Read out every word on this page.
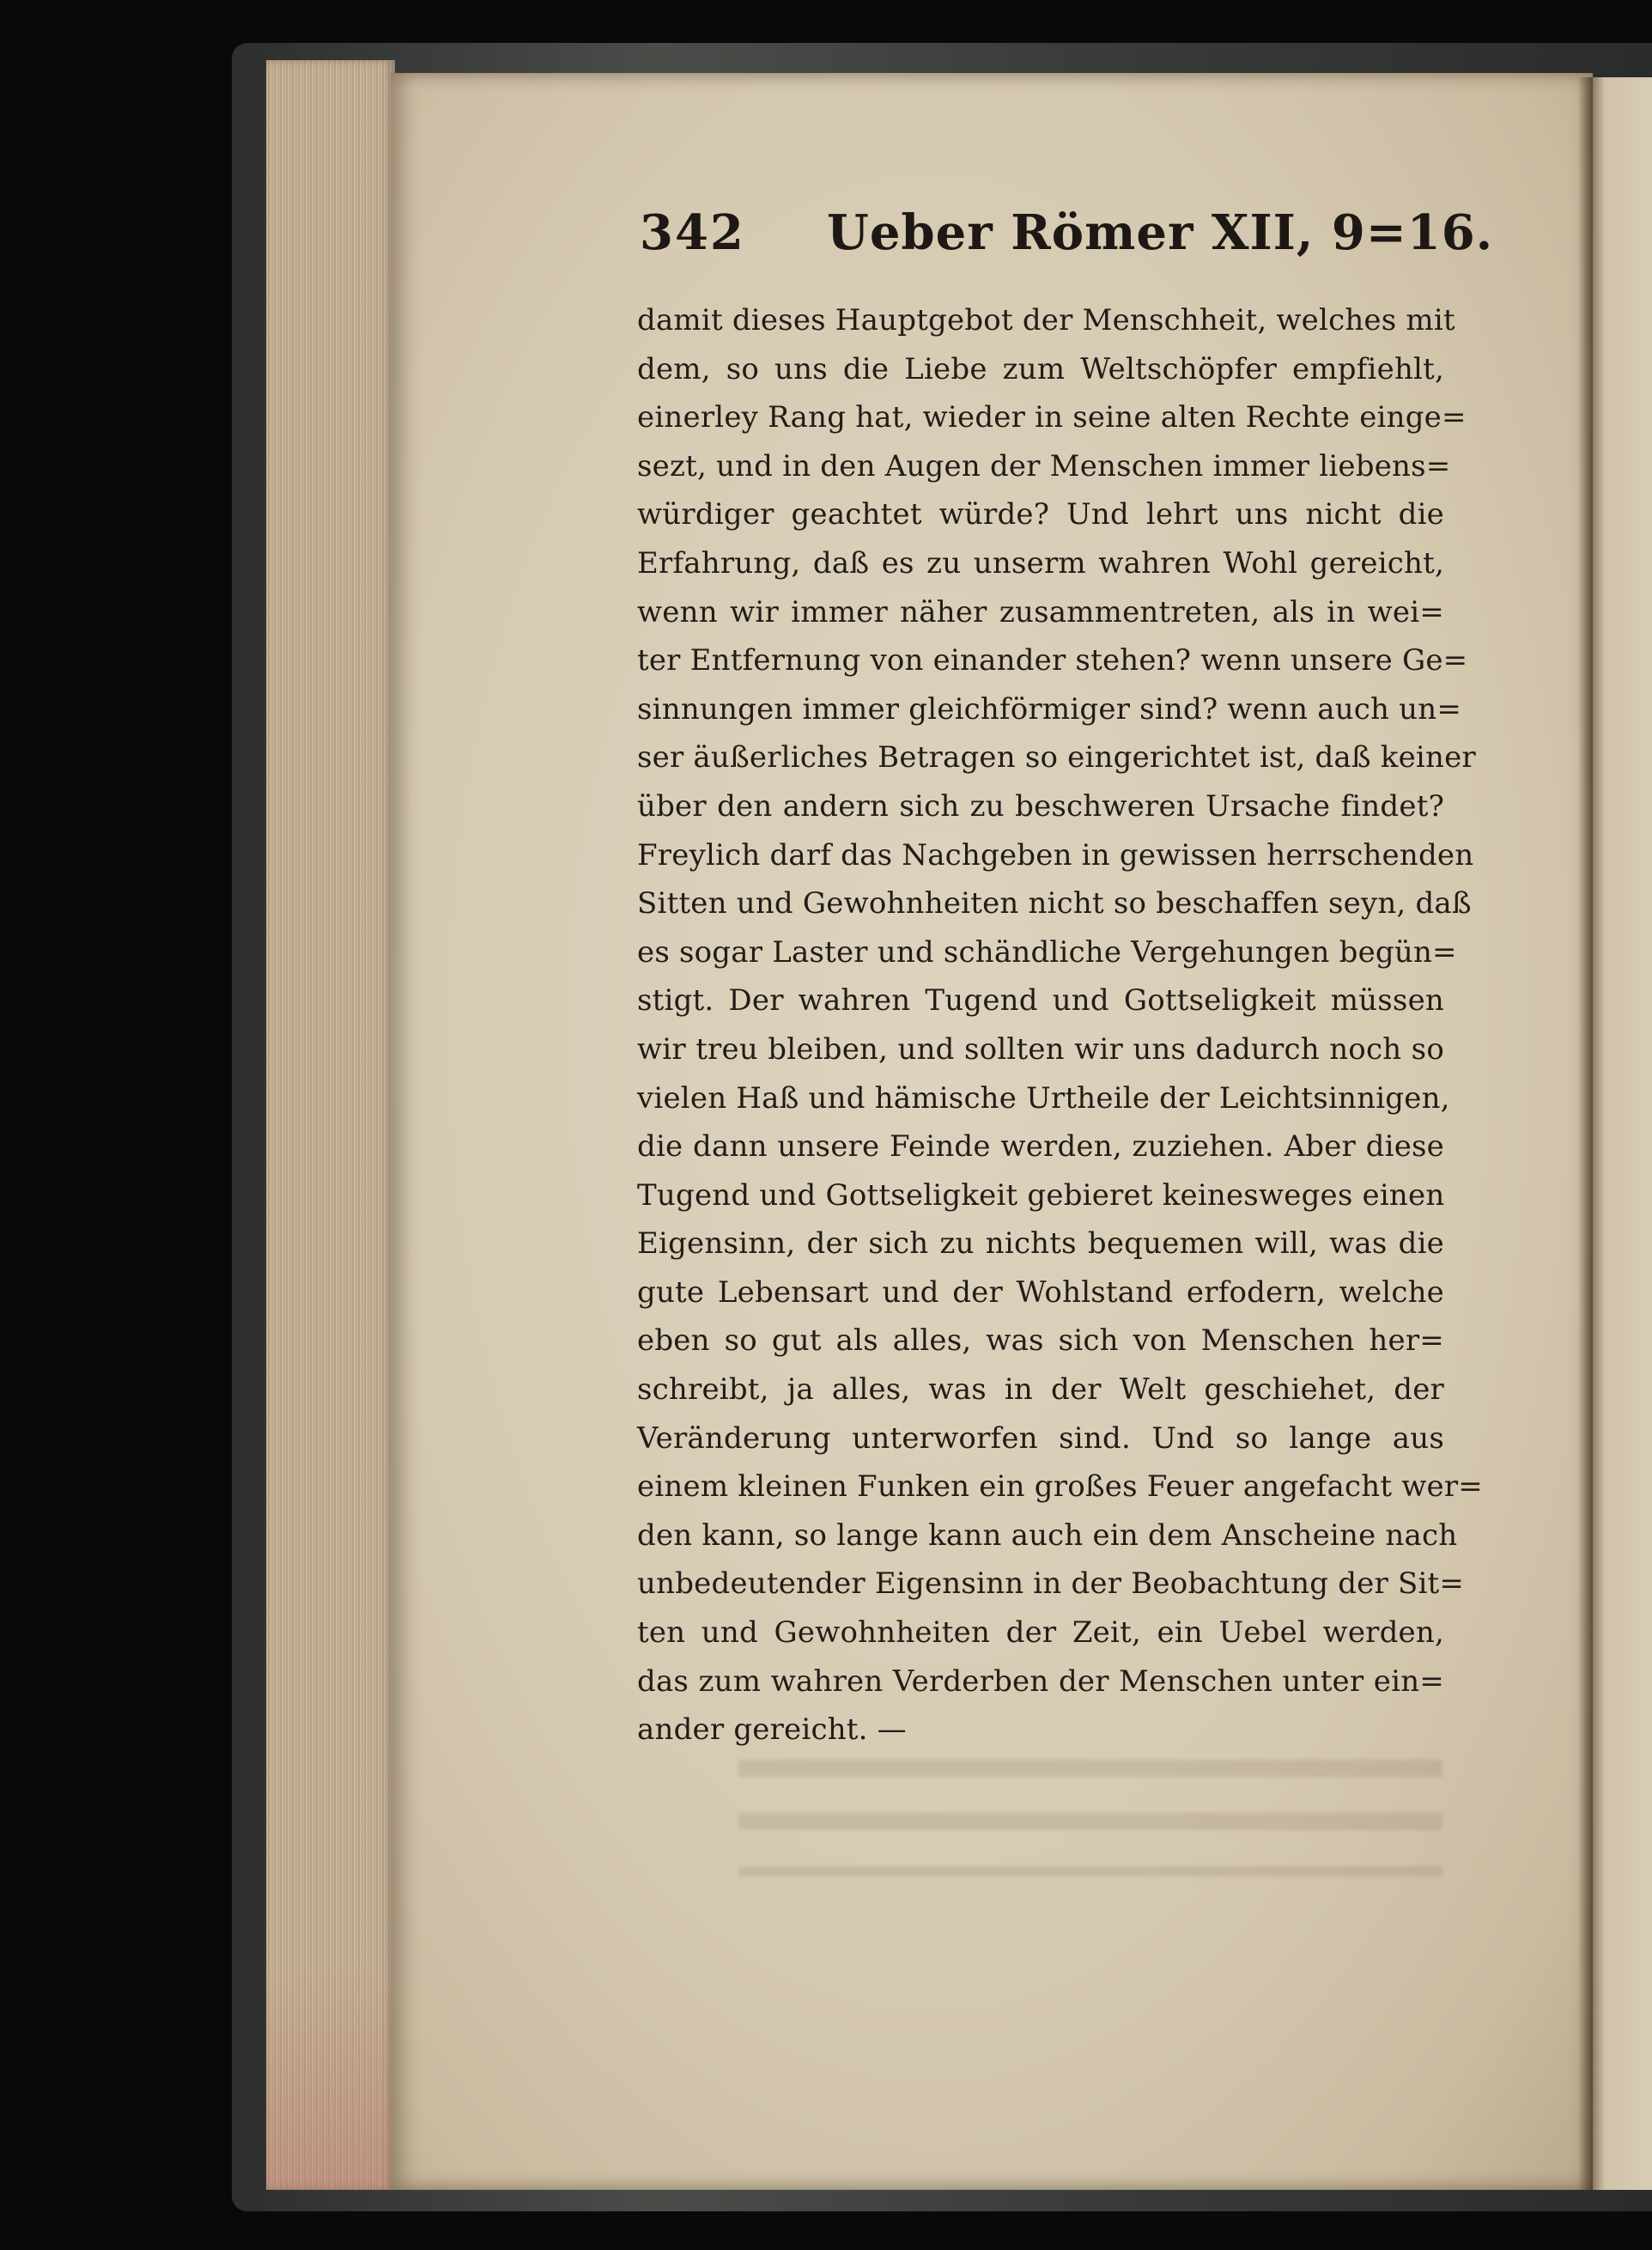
342 Ueber Römer XII, 9=16.
damit dieses Hauptgebot der Menschheit, welches mit
dem, so uns die Liebe zum Weltschöpfer empfiehlt,
einerley Rang hat, wieder in seine alten Rechte einge=
sezt, und in den Augen der Menschen immer liebens=
würdiger geachtet würde? Und lehrt uns nicht die
Erfahrung, daß es zu unserm wahren Wohl gereicht,
wenn wir immer näher zusammentreten, als in wei=
ter Entfernung von einander stehen? wenn unsere Ge=
sinnungen immer gleichförmiger sind? wenn auch un=
ser äußerliches Betragen so eingerichtet ist, daß keiner
über den andern sich zu beschweren Ursache findet?
Freylich darf das Nachgeben in gewissen herrschenden
Sitten und Gewohnheiten nicht so beschaffen seyn, daß
es sogar Laster und schändliche Vergehungen begün=
stigt. Der wahren Tugend und Gottseligkeit müssen
wir treu bleiben, und sollten wir uns dadurch noch so
vielen Haß und hämische Urtheile der Leichtsinnigen,
die dann unsere Feinde werden, zuziehen. Aber diese
Tugend und Gottseligkeit gebieret keinesweges einen
Eigensinn, der sich zu nichts bequemen will, was die
gute Lebensart und der Wohlstand erfodern, welche
eben so gut als alles, was sich von Menschen her=
schreibt, ja alles, was in der Welt geschiehet, der
Veränderung unterworfen sind. Und so lange aus
einem kleinen Funken ein großes Feuer angefacht wer=
den kann, so lange kann auch ein dem Anscheine nach
unbedeutender Eigensinn in der Beobachtung der Sit=
ten und Gewohnheiten der Zeit, ein Uebel werden,
das zum wahren Verderben der Menschen unter ein=
ander gereicht. —
